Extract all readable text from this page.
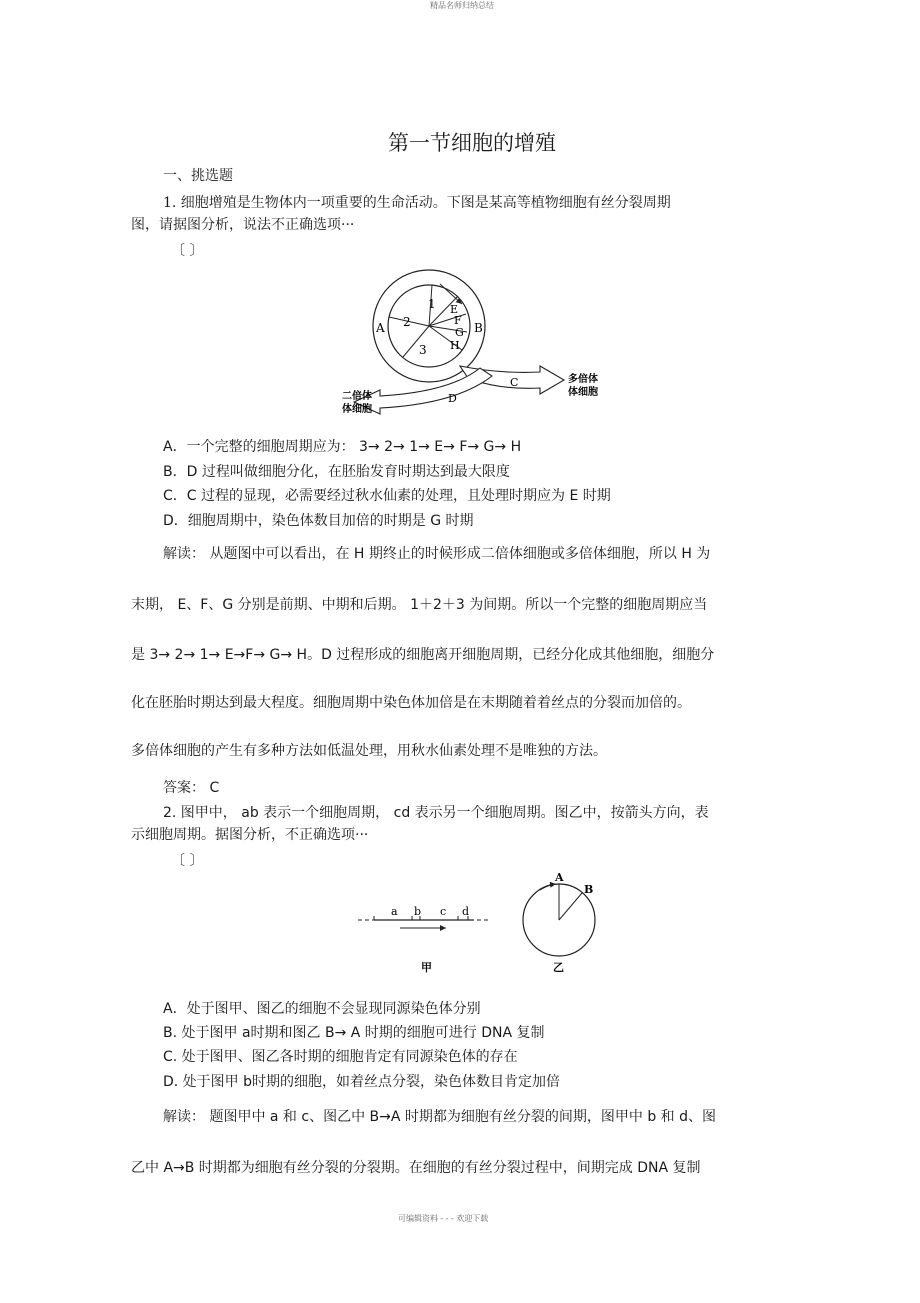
精品名师归纳总结
第一节细胞的增殖
一、挑选题
1. 细胞增殖是生物体内一项重要的生命活动。下图是某高等植物细胞有丝分裂周期
图，请据图分析，说法不正确选项···
〔 〕
1
2
3
A	B
E
F
G
H
C
D
多倍体
体细胞
二倍体
体细胞
A．一个完整的细胞周期应为： 3→ 2→ 1→ E→ F→ G→ H
B．D 过程叫做细胞分化，在胚胎发育时期达到最大限度
C．C 过程的显现，必需要经过秋水仙素的处理，且处理时期应为 E 时期
D．细胞周期中，染色体数目加倍的时期是 G 时期
解读： 从题图中可以看出，在 H 期终止的时候形成二倍体细胞或多倍体细胞，所以 H 为
末期， E、F、G 分别是前期、中期和后期。 1＋2＋3 为间期。所以一个完整的细胞周期应当
是 3→ 2→ 1→ E→F→ G→ H。D 过程形成的细胞离开细胞周期，已经分化成其他细胞，细胞分
化在胚胎时期达到最大程度。细胞周期中染色体加倍是在末期随着着丝点的分裂而加倍的。
多倍体细胞的产生有多种方法如低温处理，用秋水仙素处理不是唯独的方法。
答案： C
2. 图甲中， ab 表示一个细胞周期， cd 表示另一个细胞周期。图乙中，按箭头方向，表
示细胞周期。据图分析，不正确选项···
〔 〕
a b c d
甲
A
B
乙
A．处于图甲、图乙的细胞不会显现同源染色体分别
B. 处于图甲 a时期和图乙 B→ A 时期的细胞可进行 DNA 复制
C. 处于图甲、图乙各时期的细胞肯定有同源染色体的存在
D. 处于图甲 b时期的细胞，如着丝点分裂，染色体数目肯定加倍
解读： 题图甲中 a 和 c、图乙中 B→A 时期都为细胞有丝分裂的间期，图甲中 b 和 d、图
乙中 A→B 时期都为细胞有丝分裂的分裂期。在细胞的有丝分裂过程中，间期完成 DNA 复制
可编辑资料 - - - 欢迎下载
